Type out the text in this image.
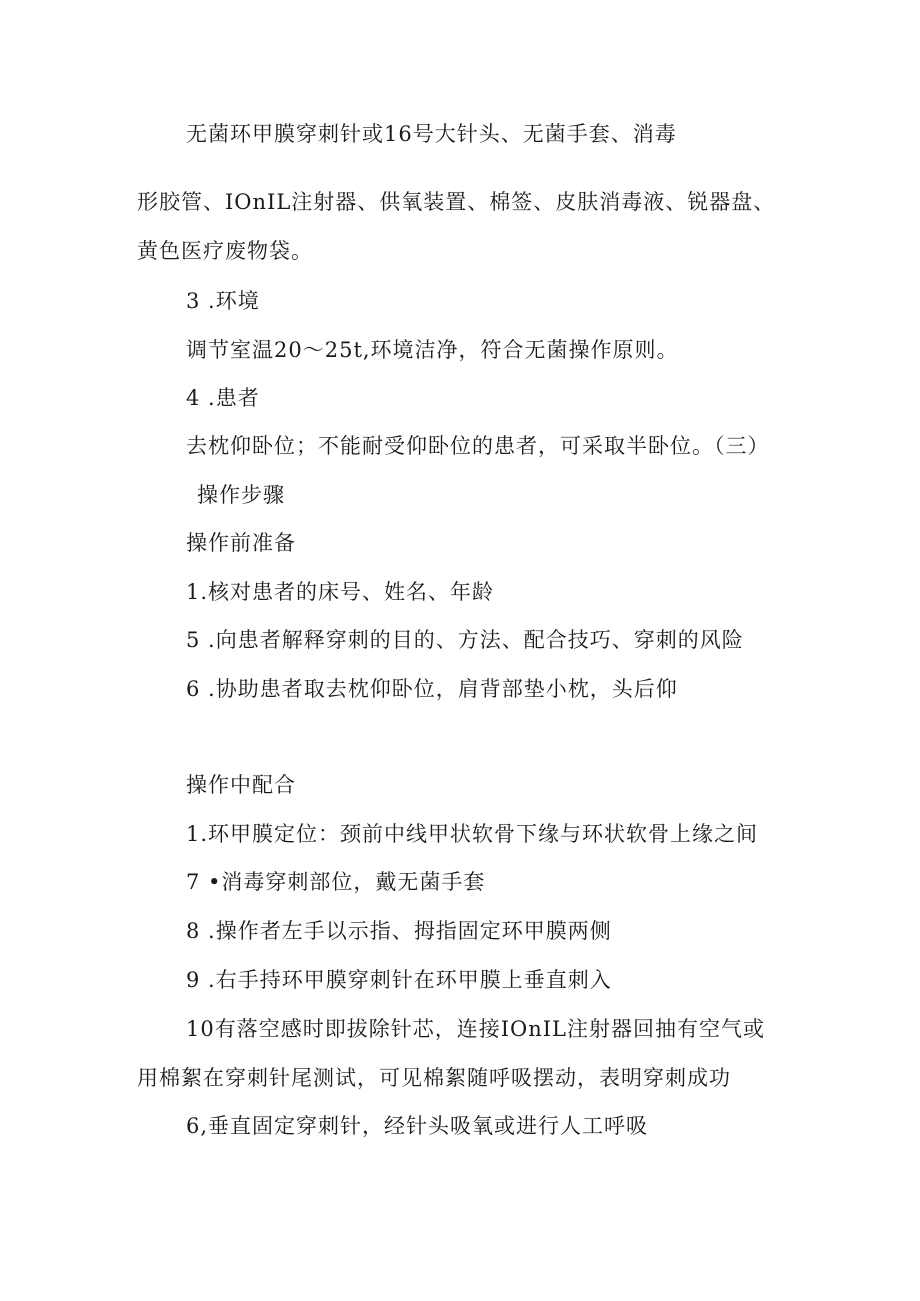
无菌环甲膜穿刺针或16号大针头、无菌手套、消毒
形胶管、IOnIL注射器、供氧装置、棉签、皮肤消毒液、锐器盘、
黄色医疗废物袋。
3 .环境
调节室温20～25t,环境洁净，符合无菌操作原则。
4 .患者
去枕仰卧位；不能耐受仰卧位的患者，可采取半卧位。（三）
操作步骤
操作前准备
1.核对患者的床号、姓名、年龄
5 .向患者解释穿刺的目的、方法、配合技巧、穿刺的风险
6 .协助患者取去枕仰卧位，肩背部垫小枕，头后仰
操作中配合
1.环甲膜定位：颈前中线甲状软骨下缘与环状软骨上缘之间
7 •消毒穿刺部位，戴无菌手套
8 .操作者左手以示指、拇指固定环甲膜两侧
9 .右手持环甲膜穿刺针在环甲膜上垂直刺入
10有落空感时即拔除针芯，连接IOnIL注射器回抽有空气或
用棉絮在穿刺针尾测试，可见棉絮随呼吸摆动，表明穿刺成功
6,垂直固定穿刺针，经针头吸氧或进行人工呼吸
